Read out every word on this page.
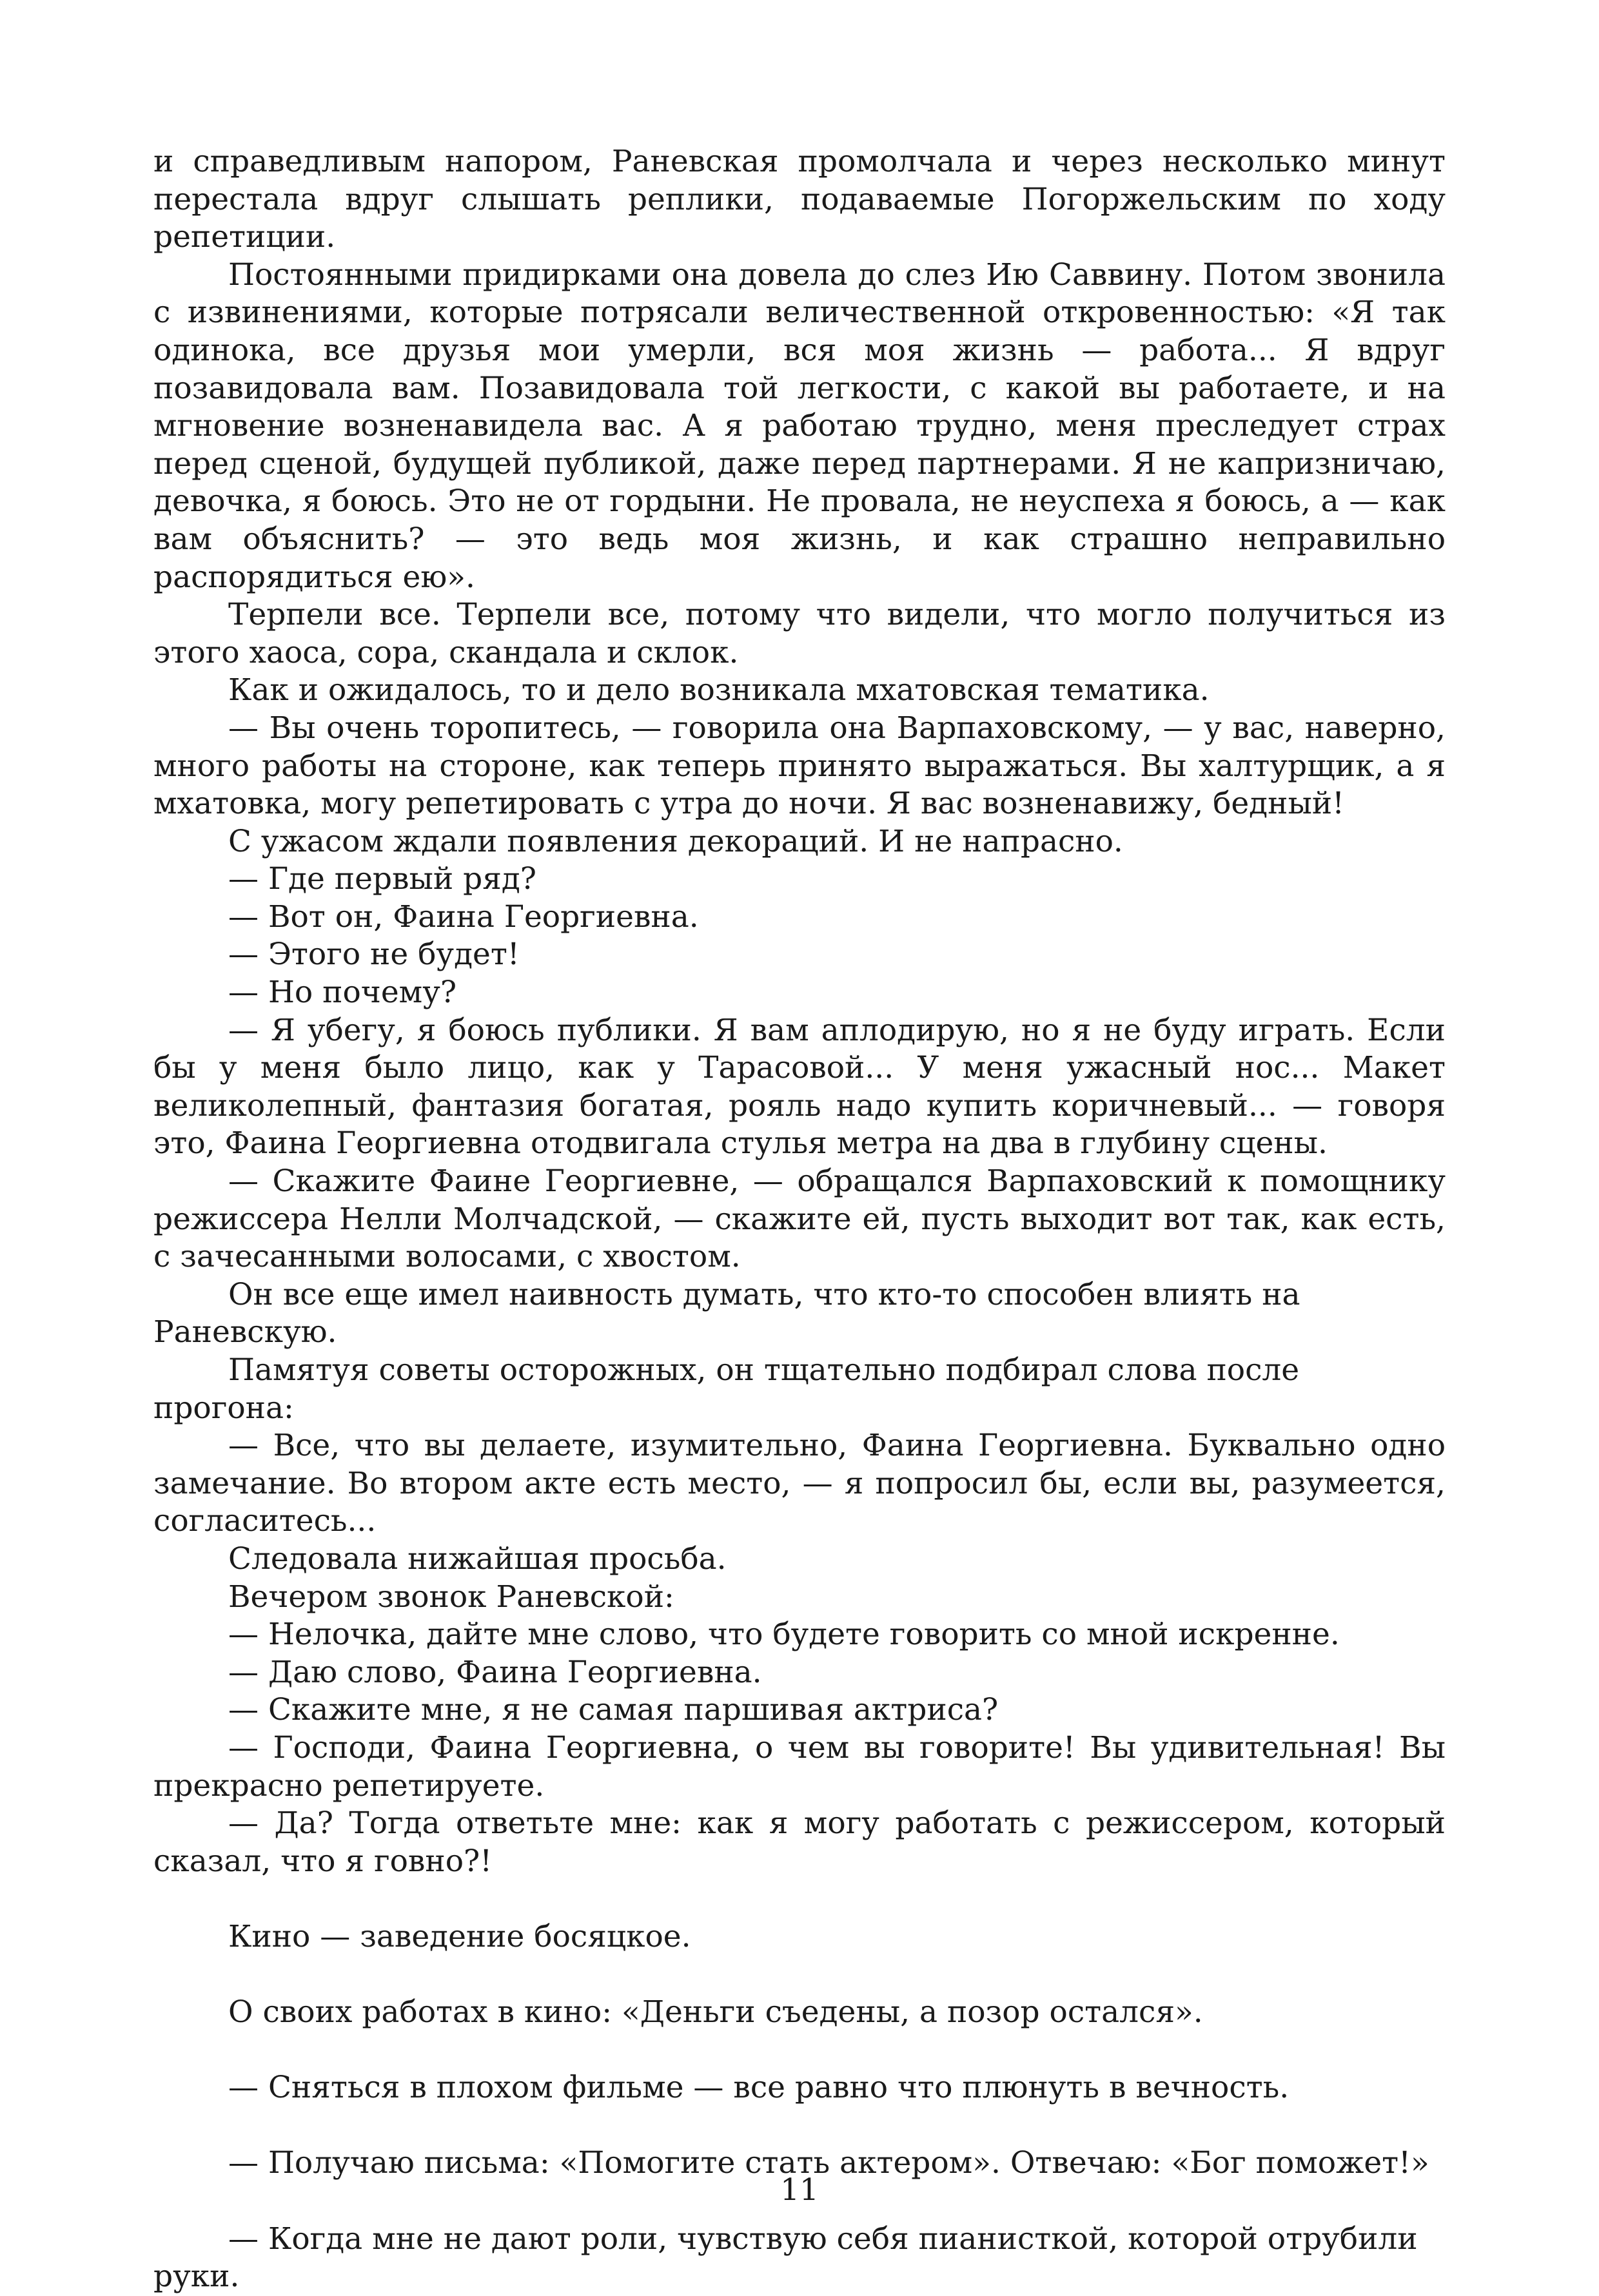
и справедливым напором, Раневская промолчала и через несколько минут перестала вдруг слышать реплики, подаваемые Погоржельским по ходу репетиции.

Постоянными придирками она довела до слез Ию Саввину. Потом звонила с извинениями, которые потрясали величественной откровенностью: «Я так одинока, все друзья мои умерли, вся моя жизнь — работа... Я вдруг позавидовала вам. Позавидовала той легкости, с какой вы работаете, и на мгновение возненавидела вас. А я работаю трудно, меня преследует страх перед сценой, будущей публикой, даже перед партнерами. Я не капризничаю, девочка, я боюсь. Это не от гордыни. Не провала, не неуспеха я боюсь, а — как вам объяснить? — это ведь моя жизнь, и как страшно неправильно распорядиться ею».

Терпели все. Терпели все, потому что видели, что могло получиться из этого хаоса, сора, скандала и склок.

Как и ожидалось, то и дело возникала мхатовская тематика.

— Вы очень торопитесь, — говорила она Варпаховскому, — у вас, наверно, много работы на стороне, как теперь принято выражаться. Вы халтурщик, а я мхатовка, могу репетировать с утра до ночи. Я вас возненавижу, бедный!

С ужасом ждали появления декораций. И не напрасно.

— Где первый ряд?

— Вот он, Фаина Георгиевна.

— Этого не будет!

— Но почему?

— Я убегу, я боюсь публики. Я вам аплодирую, но я не буду играть. Если бы у меня было лицо, как у Тарасовой... У меня ужасный нос... Макет великолепный, фантазия богатая, рояль надо купить коричневый... — говоря это, Фаина Георгиевна отодвигала стулья метра на два в глубину сцены.

— Скажите Фаине Георгиевне, — обращался Варпаховский к помощнику режиссера Нелли Молчадской, — скажите ей, пусть выходит вот так, как есть, с зачесанными волосами, с хвостом.

Он все еще имел наивность думать, что кто-то способен влиять на Раневскую.

Памятуя советы осторожных, он тщательно подбирал слова после прогона:

— Все, что вы делаете, изумительно, Фаина Георгиевна. Буквально одно замечание. Во втором акте есть место, — я попросил бы, если вы, разумеется, согласитесь...

Следовала нижайшая просьба.

Вечером звонок Раневской:

— Нелочка, дайте мне слово, что будете говорить со мной искренне.

— Даю слово, Фаина Георгиевна.

— Скажите мне, я не самая паршивая актриса?

— Господи, Фаина Георгиевна, о чем вы говорите! Вы удивительная! Вы прекрасно репетируете.

— Да? Тогда ответьте мне: как я могу работать с режиссером, который сказал, что я говно?!

Кино — заведение босяцкое.

О своих работах в кино: «Деньги съедены, а позор остался».

— Сняться в плохом фильме — все равно что плюнуть в вечность.

— Получаю письма: «Помогите стать актером». Отвечаю: «Бог поможет!»

— Когда мне не дают роли, чувствую себя пианисткой, которой отрубили руки.

11
